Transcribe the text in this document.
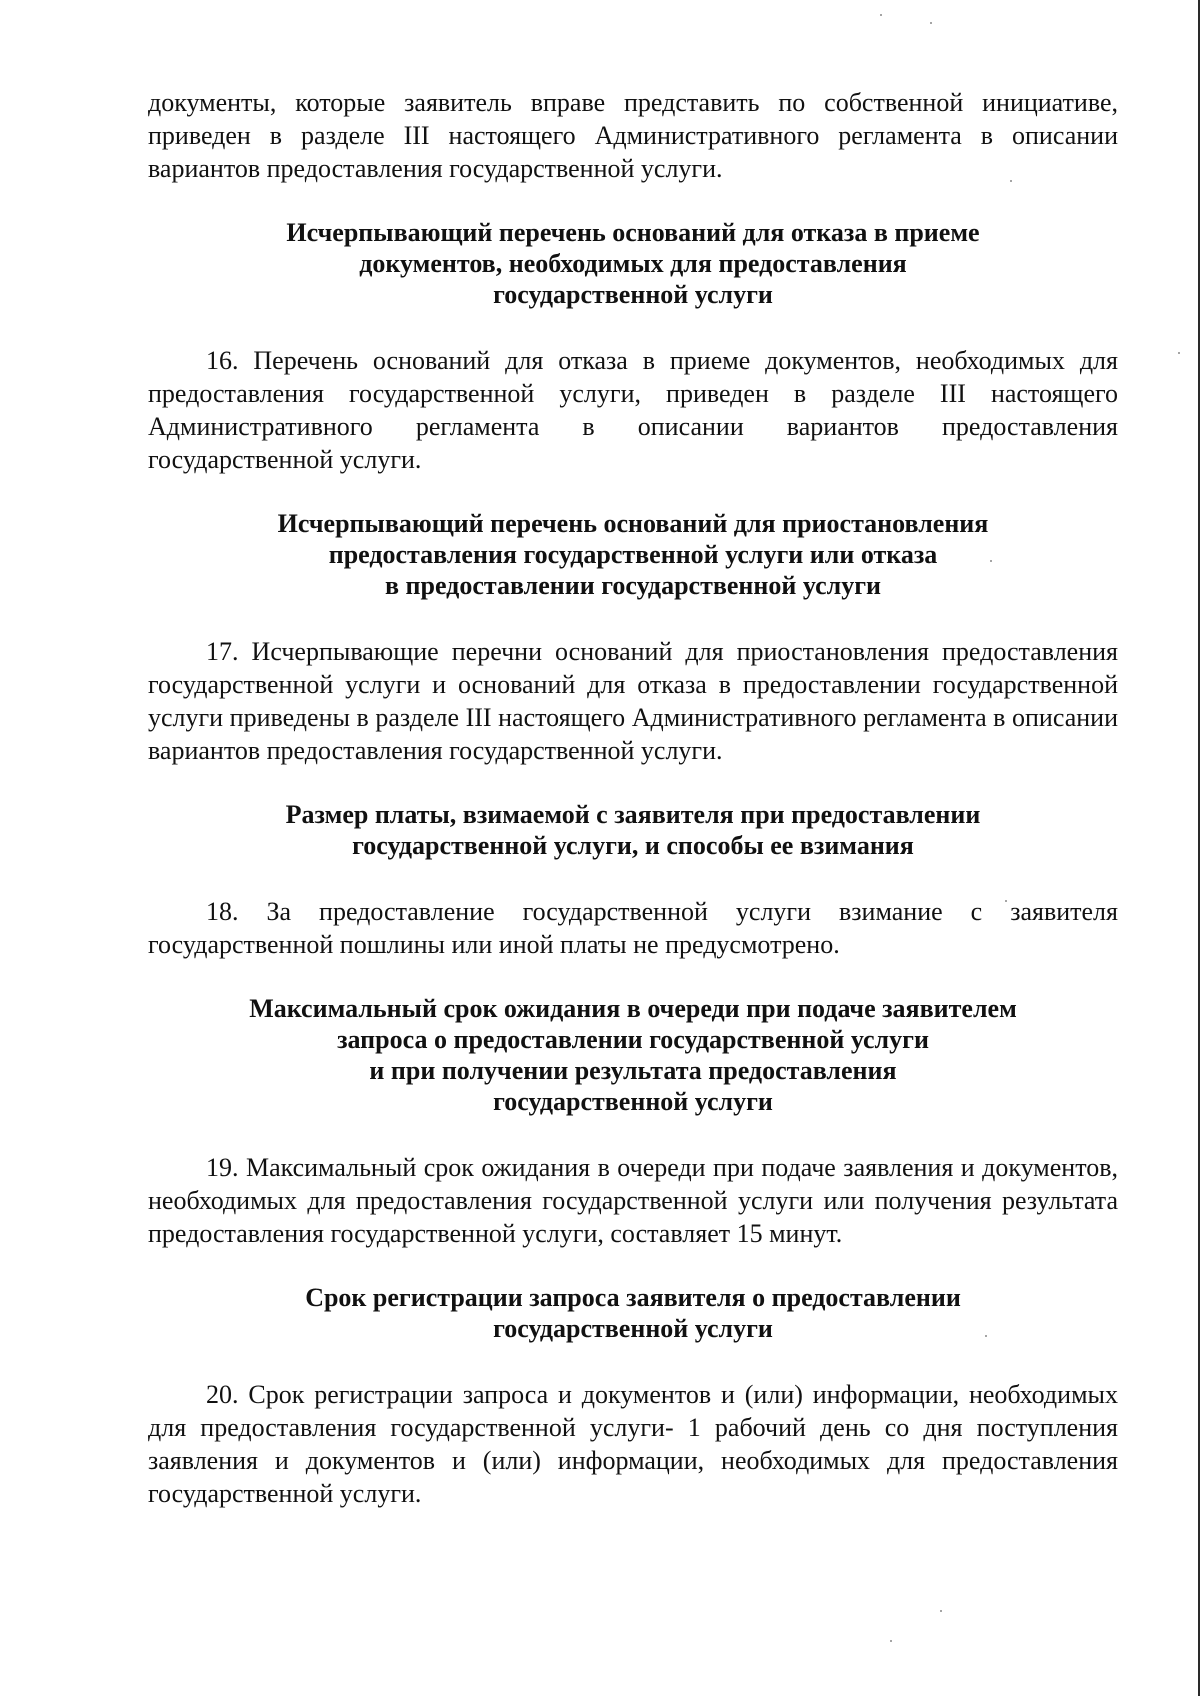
документы, которые заявитель вправе представить по собственной инициативе, приведен в разделе III настоящего Административного регламента в описании вариантов предоставления государственной услуги.

Исчерпывающий перечень оснований для отказа в приеме
документов, необходимых для предоставления
государственной услуги

16. Перечень оснований для отказа в приеме документов, необходимых для предоставления государственной услуги, приведен в разделе III настоящего Административного регламента в описании вариантов предоставления государственной услуги.

Исчерпывающий перечень оснований для приостановления
предоставления государственной услуги или отказа
в предоставлении государственной услуги

17. Исчерпывающие перечни оснований для приостановления предоставления государственной услуги и оснований для отказа в предоставлении государственной услуги приведены в разделе III настоящего Административного регламента в описании вариантов предоставления государственной услуги.

Размер платы, взимаемой с заявителя при предоставлении
государственной услуги, и способы ее взимания

18. За предоставление государственной услуги взимание с заявителя государственной пошлины или иной платы не предусмотрено.

Максимальный срок ожидания в очереди при подаче заявителем
запроса о предоставлении государственной услуги
и при получении результата предоставления
государственной услуги

19. Максимальный срок ожидания в очереди при подаче заявления и документов, необходимых для предоставления государственной услуги или получения результата предоставления государственной услуги, составляет 15 минут.

Срок регистрации запроса заявителя о предоставлении
государственной услуги

20. Срок регистрации запроса и документов и (или) информации, необходимых для предоставления государственной услуги- 1 рабочий день со дня поступления заявления и документов и (или) информации, необходимых для предоставления государственной услуги.
